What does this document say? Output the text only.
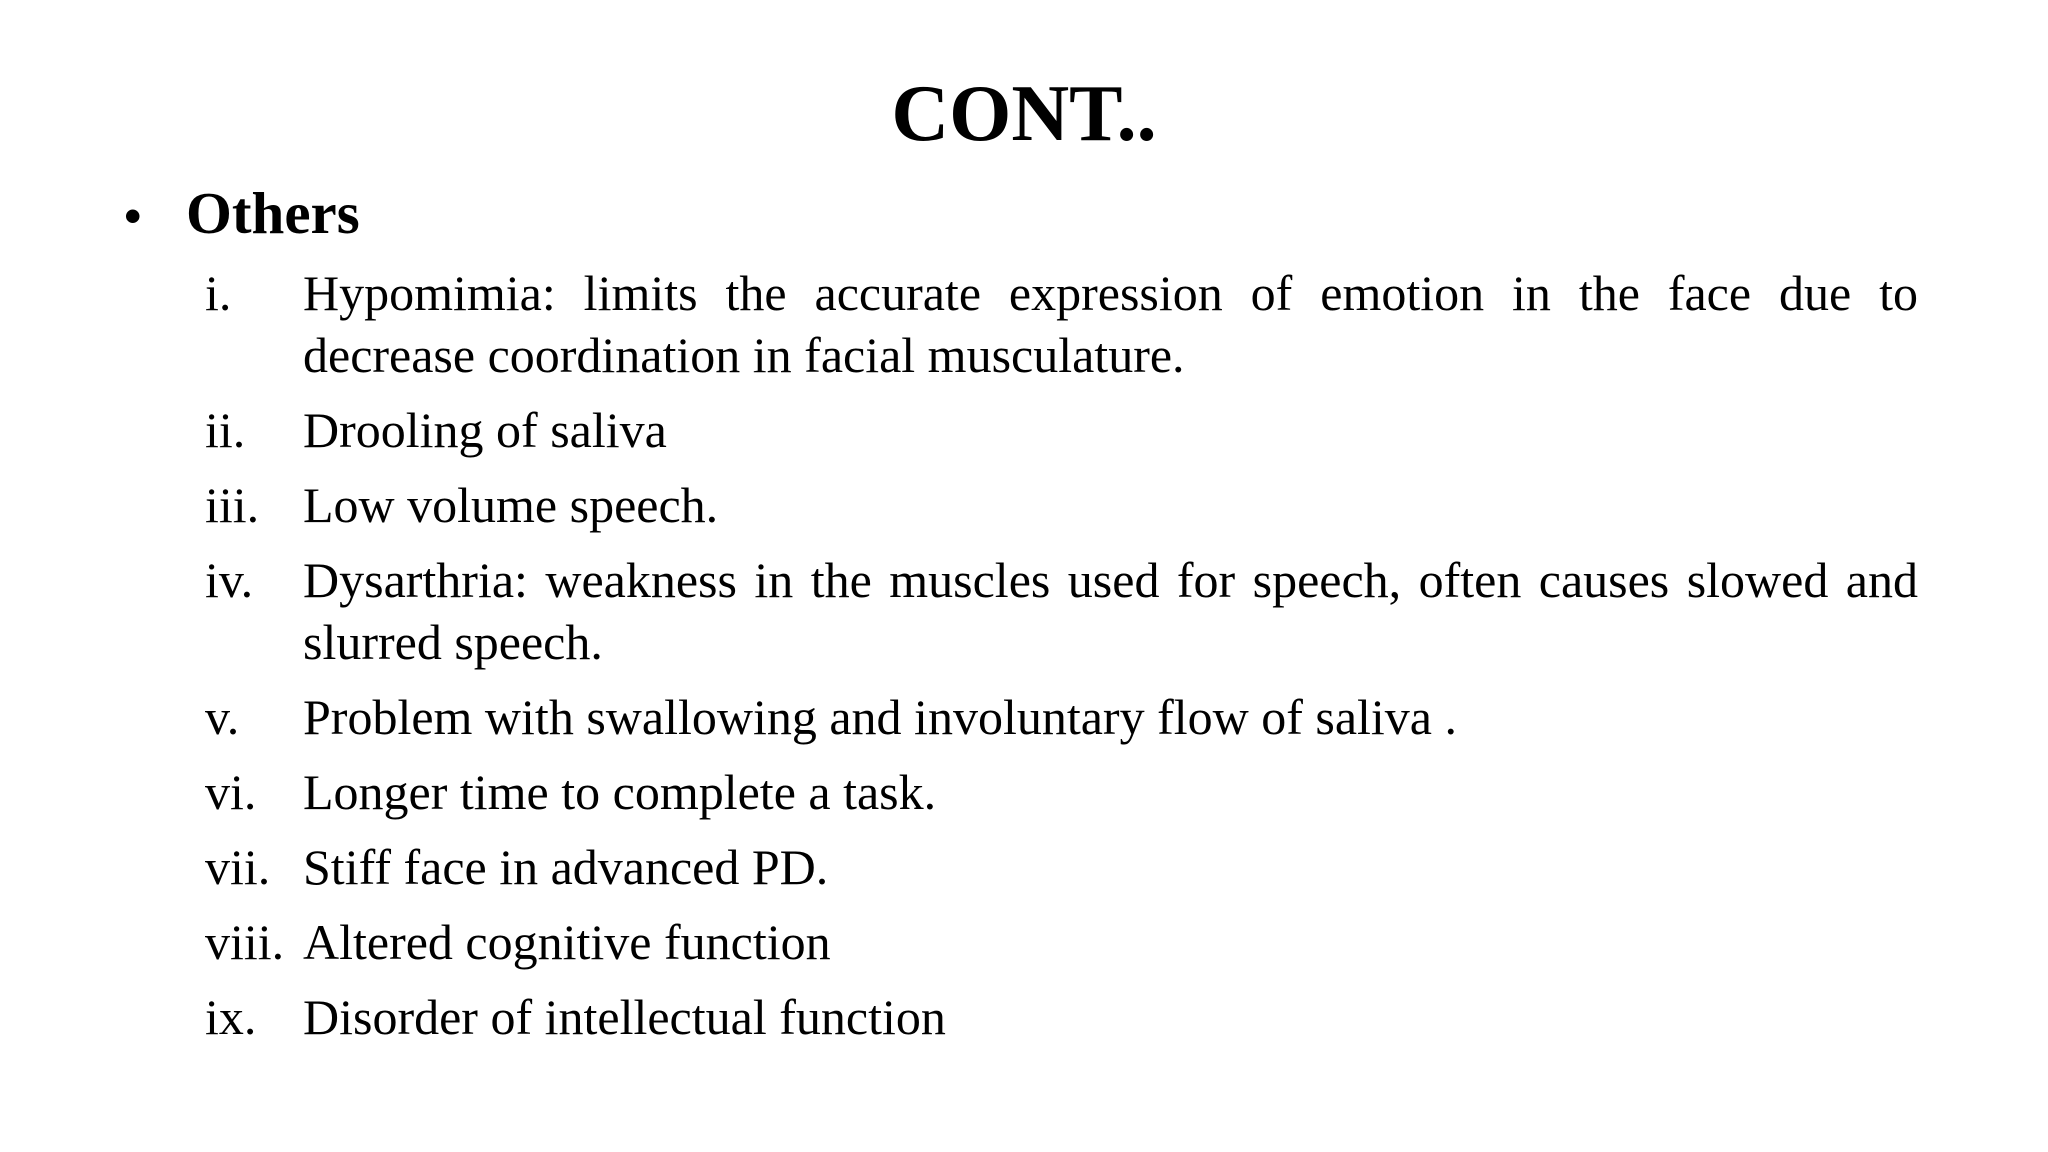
CONT..
• Others
i.	Hypomimia: limits the accurate expression of emotion in the face due to decrease coordination in facial musculature.
ii.	Drooling of saliva
iii. Low volume speech.
iv. Dysarthria: weakness in the muscles used for speech, often causes slowed and slurred speech.
v.	Problem with swallowing and involuntary flow of saliva .
vi. Longer time to complete a task.
vii. Stiff face in advanced PD.
viii. Altered cognitive function
ix. Disorder of intellectual function
